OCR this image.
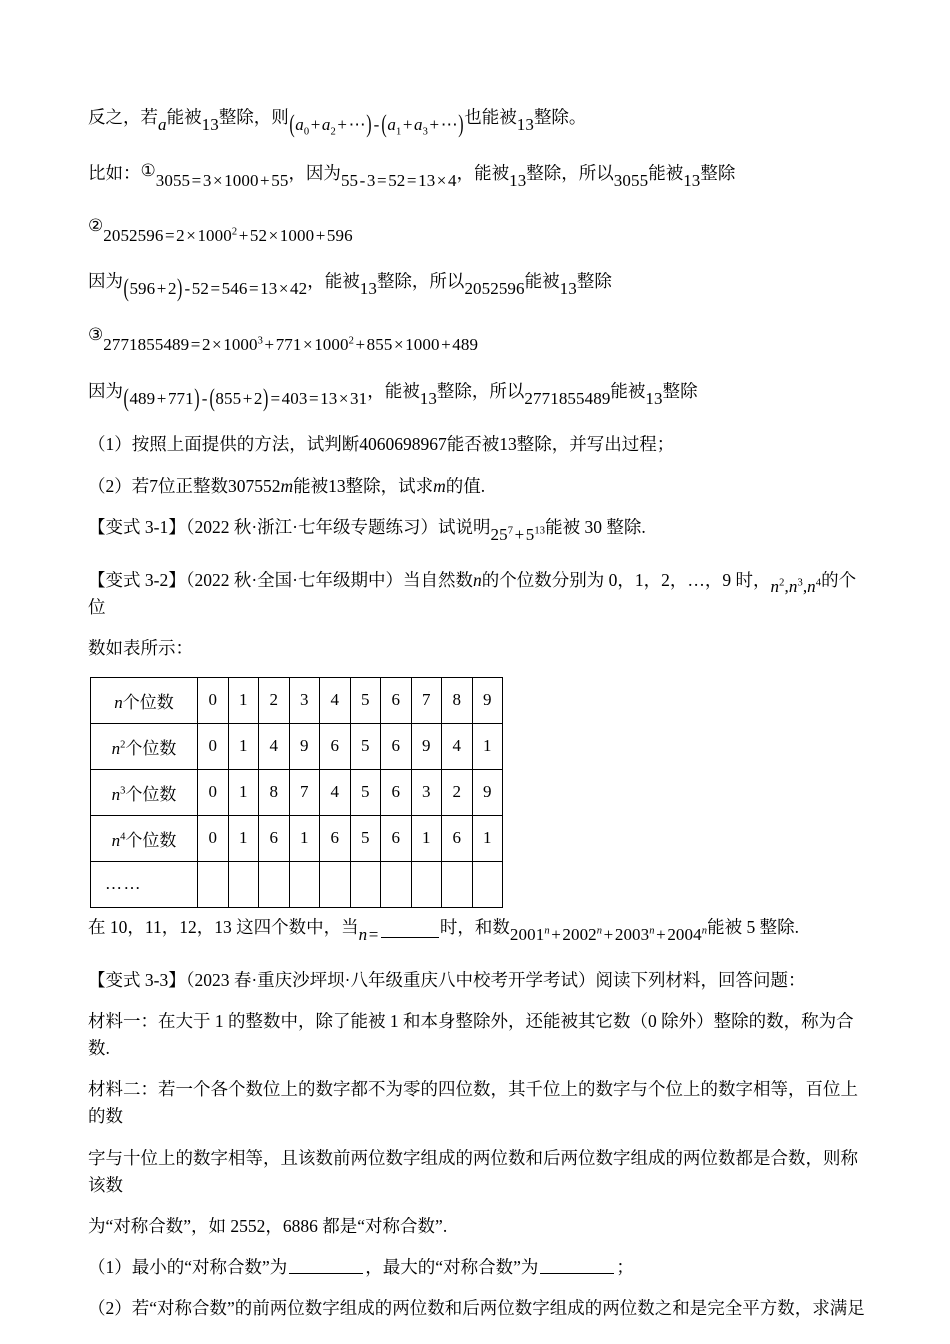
反之，若a能被13整除，则$(a_0+a_2+\cdots)$ - $(a_1+a_3+\cdots)$也能被13整除。

比如：①3055=3×1000+55，因为55-3=52=13×4，能被13整除，所以3055能被13整除

$②2052596=2\times 1000^2+52\times 1000+596$

因为(596+2) -52=546=13×42，能被13整除，所以2052596能被13整除

$③2771855489=2\times 1000^3+771\times 1000^2+855\times 1000+489$

因为(489+771) - (855+2) =403=13×31，能被13整除，所以2771855489能被13整除

（1）按照上面提供的方法，试判断4060698967能否被13整除，并写出过程；

（2）若7位正整数307552m能被13整除，试求m的值.

【变式 3-1】（2022 秋·浙江·七年级专题练习）试说明$25^7+5^{13}$能被 30 整除.

【变式 3-2】（2022 秋·全国·七年级期中）当自然数n的个位数分别为 0，1，2，…，9 时，$n^2,n^3,n^4$的个位

数如表所示：

n个位数	0	1	2	3	4	5	6	7	8	9
$n^2$个位数	0	1	4	9	6	5	6	9	4	1
$n^3$个位数	0	1	8	7	4	5	6	3	2	9
$n^4$个位数	0	1	6	1	6	5	6	1	6	1
……										

在 10，11，12，13 这四个数中，当n=	时，和数$2001^n+2002^n+2003^n+2004^n$能被 5 整除.

【变式 3-3】（2023 春·重庆沙坪坝·八年级重庆八中校考开学考试）阅读下列材料，回答问题：

材料一：在大于 1 的整数中，除了能被 1 和本身整除外，还能被其它数（0 除外）整除的数，称为合数.

材料二：若一个各个数位上的数字都不为零的四位数，其千位上的数字与个位上的数字相等，百位上的数

字与十位上的数字相等，且该数前两位数字组成的两位数和后两位数字组成的两位数都是合数，则称该数

为“对称合数”，如 2552，6886 都是“对称合数”.

（1）最小的“对称合数”为	，最大的“对称合数”为	；

（2）若“对称合数”的前两位数字组成的两位数和后两位数字组成的两位数之和是完全平方数，求满足
